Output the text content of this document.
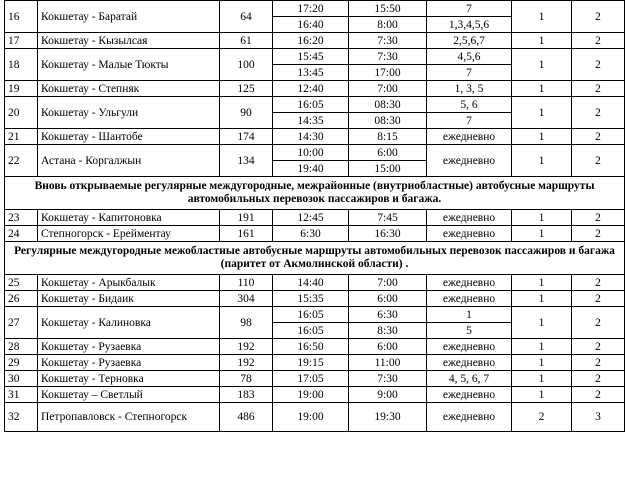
16	Кокшетау - Баратай	64	17:20	15:50	7	1	2
			16:40	8:00	1,3,4,5,6		
17	Кокшетау - Кызылсая	61	16:20	7:30	2,5,6,7	1	2
18	Кокшетау - Малые Тюкты	100	15:45	7:30	4,5,6	1	2
			13:45	17:00	7		
19	Кокшетау - Степняк	125	12:40	7:00	1, 3, 5	1	2
20	Кокшетау - Ульгули	90	16:05	08:30	5, 6	1	2
			14:35	08:30	7		
21	Кокшетау - Шантобе	174	14:30	8:15	ежедневно	1	2
22	Астана - Коргалжын	134	10:00	6:00	ежедневно	1	2
			19:40	15:00			
Вновь открываемые регулярные междугородные, межрайонные (внутриобластные) автобусные маршруты автомобильных перевозок пассажиров и багажа.							
23	Кокшетау - Капитоновка	191	12:45	7:45	ежедневно	1	2
24	Степногорск - Ерейментау	161	6:30	16:30	ежедневно	1	2
Регулярные междугородные межобластные автобусные маршруты автомобильных перевозок пассажиров и багажа (паритет от Акмолинской области) .							
25	Кокшетау - Арыкбалык	110	14:40	7:00	ежедневно	1	2
26	Кокшетау - Бидаик	304	15:35	6:00	ежедневно	1	2
27	Кокшетау - Калиновка	98	16:05	6:30	1	1	2
			16:05	8:30	5		
28	Кокшетау - Рузаевка	192	16:50	6:00	ежедневно	1	2
29	Кокшетау - Рузаевка	192	19:15	11:00	ежедневно	1	2
30	Кокшетау - Терновка	78	17:05	7:30	4, 5, 6, 7	1	2
31	Кокшетау – Светлый	183	19:00	9:00	ежедневно	1	2
32	Петропавловск - Степногорск	486	19:00	19:30	ежедневно	2	3
